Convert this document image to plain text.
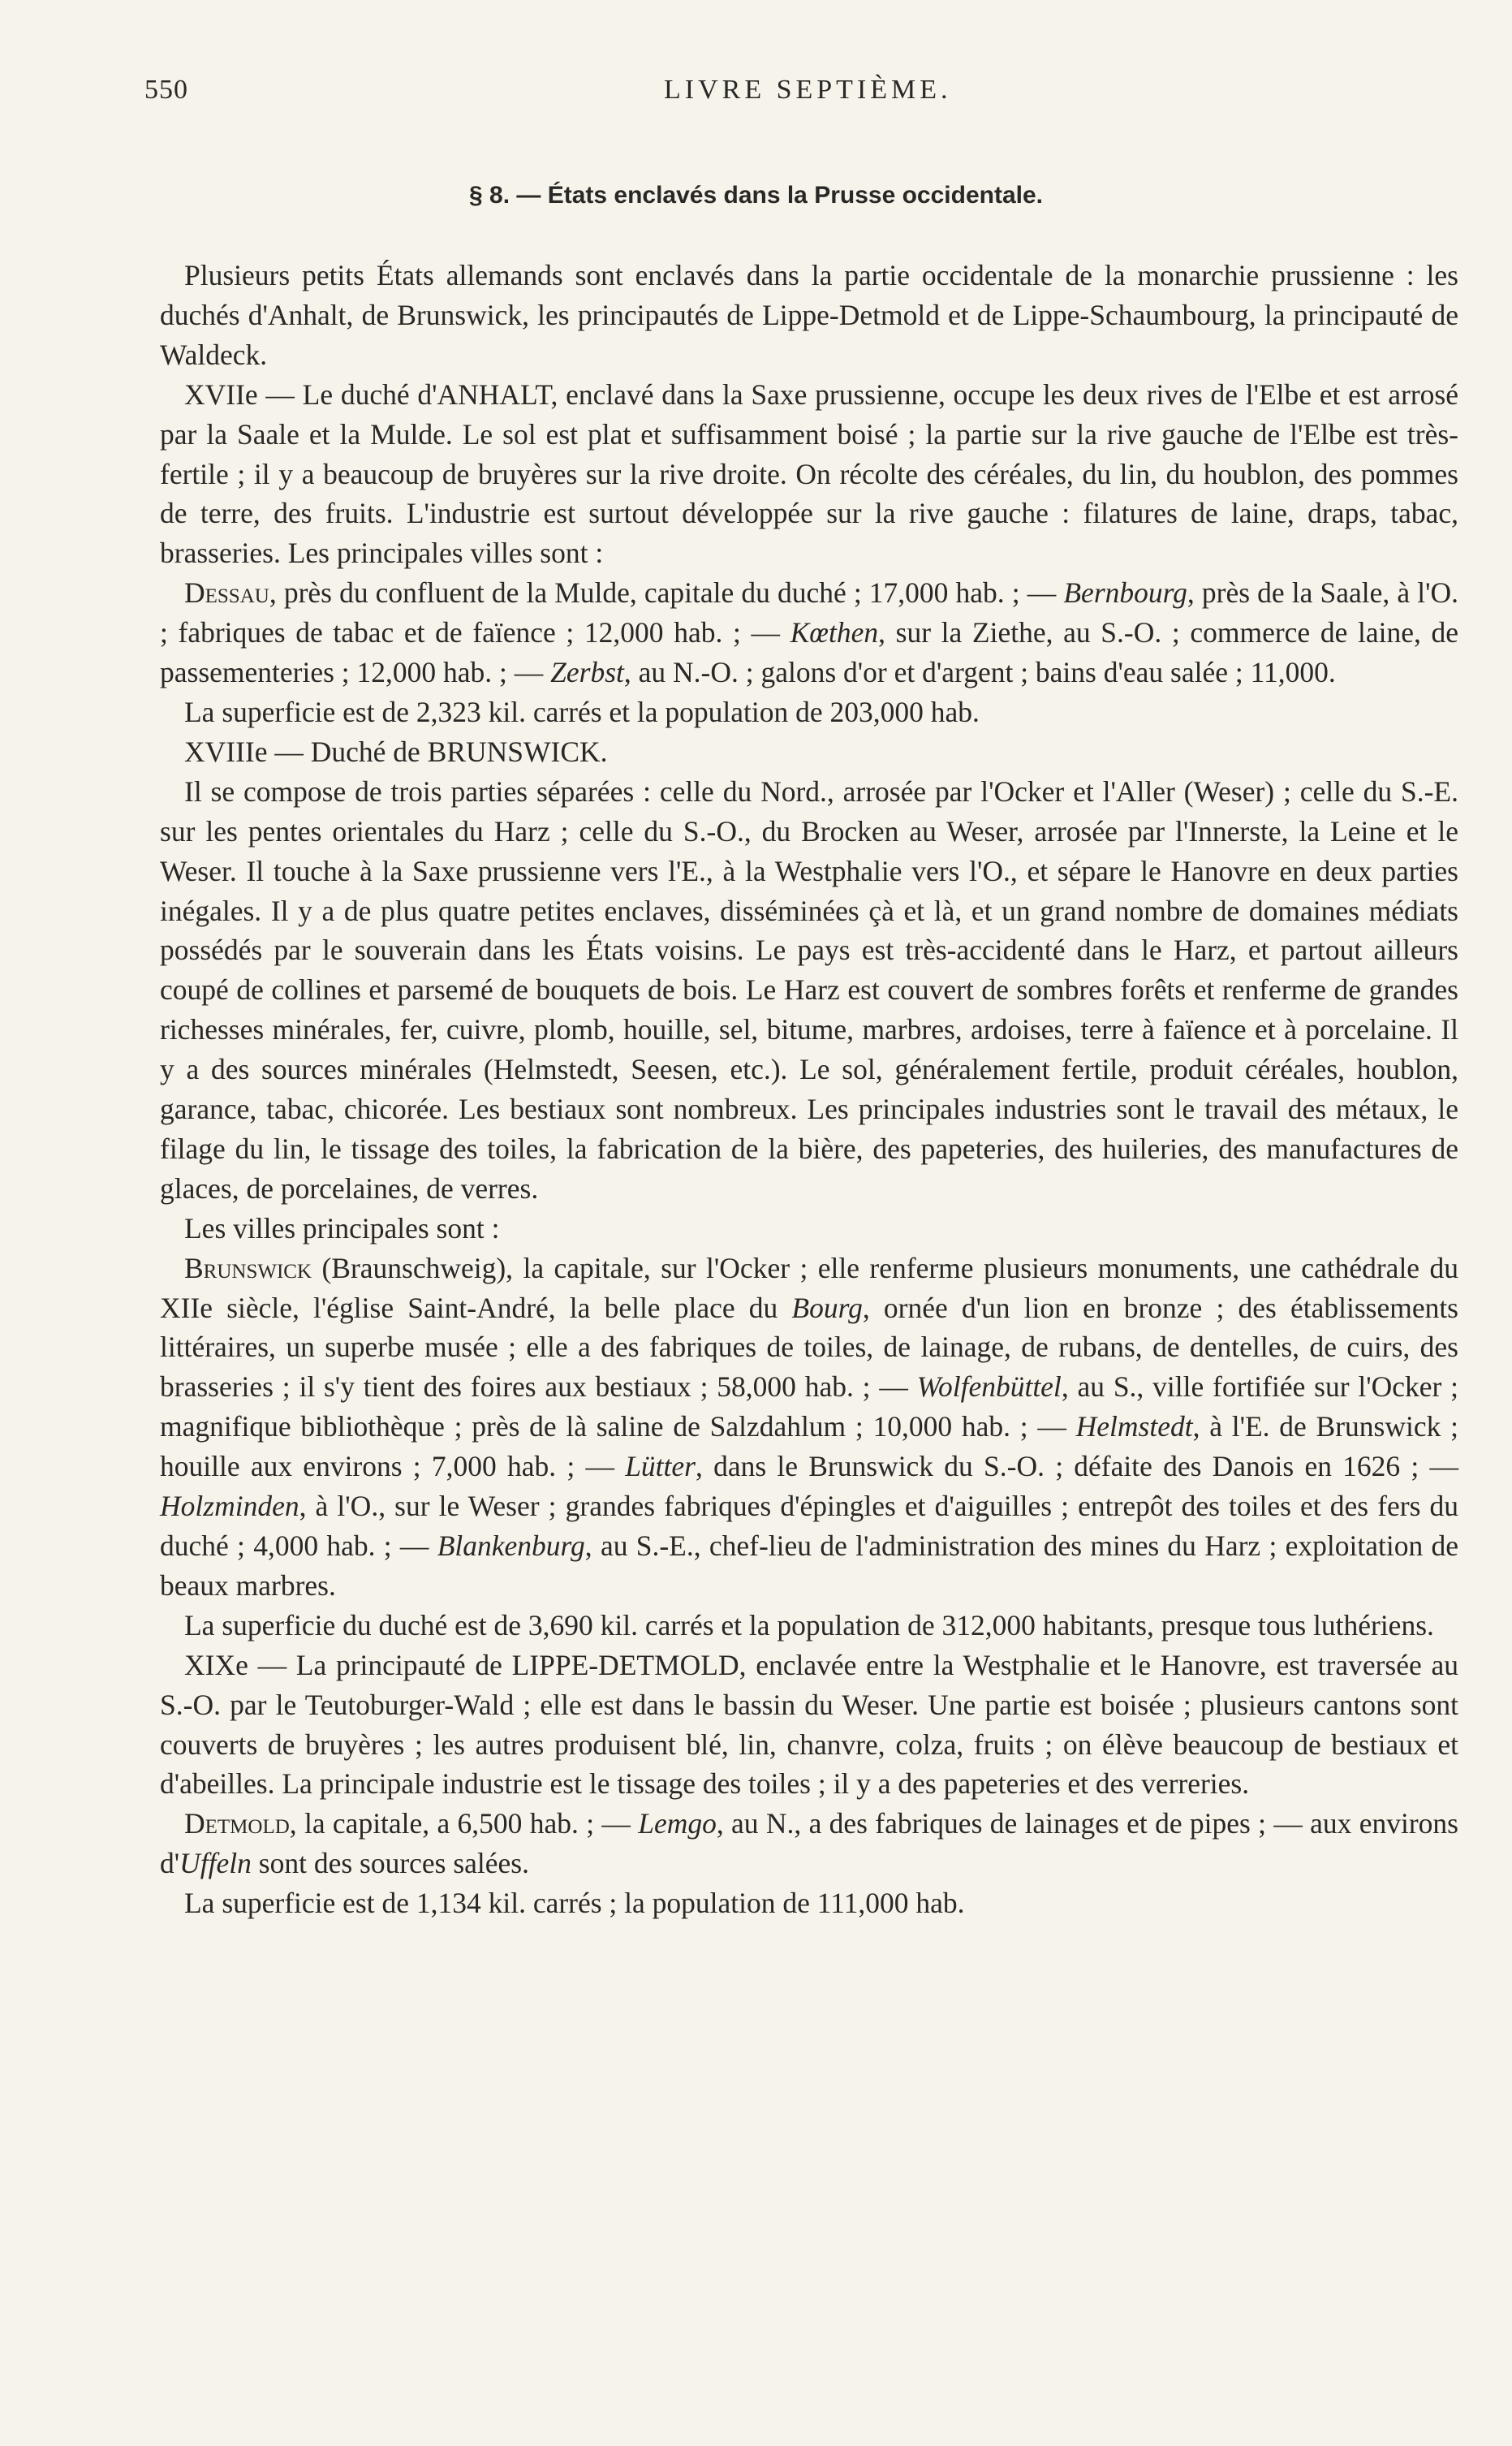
550	LIVRE SEPTIÈME.
§ 8. — États enclavés dans la Prusse occidentale.

Plusieurs petits États allemands sont enclavés dans la partie occidentale de la monarchie prussienne : les duchés d'Anhalt, de Brunswick, les principautés de Lippe-Detmold et de Lippe-Schaumbourg, la principauté de Waldeck.

XVIIe — Le duché d'ANHALT, enclavé dans la Saxe prussienne, occupe les deux rives de l'Elbe et est arrosé par la Saale et la Mulde. Le sol est plat et suffisamment boisé ; la partie sur la rive gauche de l'Elbe est très-fertile ; il y a beaucoup de bruyères sur la rive droite. On récolte des céréales, du lin, du houblon, des pommes de terre, des fruits. L'industrie est surtout développée sur la rive gauche : filatures de laine, draps, tabac, brasseries. Les principales villes sont :

Dessau, près du confluent de la Mulde, capitale du duché ; 17,000 hab. ; — Bernbourg, près de la Saale, à l'O. ; fabriques de tabac et de faïence ; 12,000 hab. ; — Kœthen, sur la Ziethe, au S.-O. ; commerce de laine, de passementeries ; 12,000 hab. ; — Zerbst, au N.-O. ; galons d'or et d'argent ; bains d'eau salée ; 11,000.

La superficie est de 2,323 kil. carrés et la population de 203,000 hab.

XVIIIe — Duché de BRUNSWICK.

Il se compose de trois parties séparées : celle du Nord., arrosée par l'Ocker et l'Aller (Weser) ; celle du S.-E. sur les pentes orientales du Harz ; celle du S.-O., du Brocken au Weser, arrosée par l'Innerste, la Leine et le Weser. Il touche à la Saxe prussienne vers l'E., à la Westphalie vers l'O., et sépare le Hanovre en deux parties inégales. Il y a de plus quatre petites enclaves, disséminées çà et là, et un grand nombre de domaines médiats possédés par le souverain dans les États voisins. Le pays est très-accidenté dans le Harz, et partout ailleurs coupé de collines et parsemé de bouquets de bois. Le Harz est couvert de sombres forêts et renferme de grandes richesses minérales, fer, cuivre, plomb, houille, sel, bitume, marbres, ardoises, terre à faïence et à porcelaine. Il y a des sources minérales (Helmstedt, Seesen, etc.). Le sol, généralement fertile, produit céréales, houblon, garance, tabac, chicorée. Les bestiaux sont nombreux. Les principales industries sont le travail des métaux, le filage du lin, le tissage des toiles, la fabrication de la bière, des papeteries, des huileries, des manufactures de glaces, de porcelaines, de verres.

Les villes principales sont :

Brunswick (Braunschweig), la capitale, sur l'Ocker ; elle renferme plusieurs monuments, une cathédrale du XIIe siècle, l'église Saint-André, la belle place du Bourg, ornée d'un lion en bronze ; des établissements littéraires, un superbe musée ; elle a des fabriques de toiles, de lainage, de rubans, de dentelles, de cuirs, des brasseries ; il s'y tient des foires aux bestiaux ; 58,000 hab. ; — Wolfenbüttel, au S., ville fortifiée sur l'Ocker ; magnifique bibliothèque ; près de là saline de Salzdahlum ; 10,000 hab. ; — Helmstedt, à l'E. de Brunswick ; houille aux environs ; 7,000 hab. ; — Lütter, dans le Brunswick du S.-O. ; défaite des Danois en 1626 ; — Holzminden, à l'O., sur le Weser ; grandes fabriques d'épingles et d'aiguilles ; entrepôt des toiles et des fers du duché ; 4,000 hab. ; — Blankenburg, au S.-E., chef-lieu de l'administration des mines du Harz ; exploitation de beaux marbres.

La superficie du duché est de 3,690 kil. carrés et la population de 312,000 habitants, presque tous luthériens.

XIXe — La principauté de LIPPE-DETMOLD, enclavée entre la Westphalie et le Hanovre, est traversée au S.-O. par le Teutoburger-Wald ; elle est dans le bassin du Weser. Une partie est boisée ; plusieurs cantons sont couverts de bruyères ; les autres produisent blé, lin, chanvre, colza, fruits ; on élève beaucoup de bestiaux et d'abeilles. La principale industrie est le tissage des toiles ; il y a des papeteries et des verreries.

Detmold, la capitale, a 6,500 hab. ; — Lemgo, au N., a des fabriques de lainages et de pipes ; — aux environs d'Uffeln sont des sources salées.

La superficie est de 1,134 kil. carrés ; la population de 111,000 hab.
